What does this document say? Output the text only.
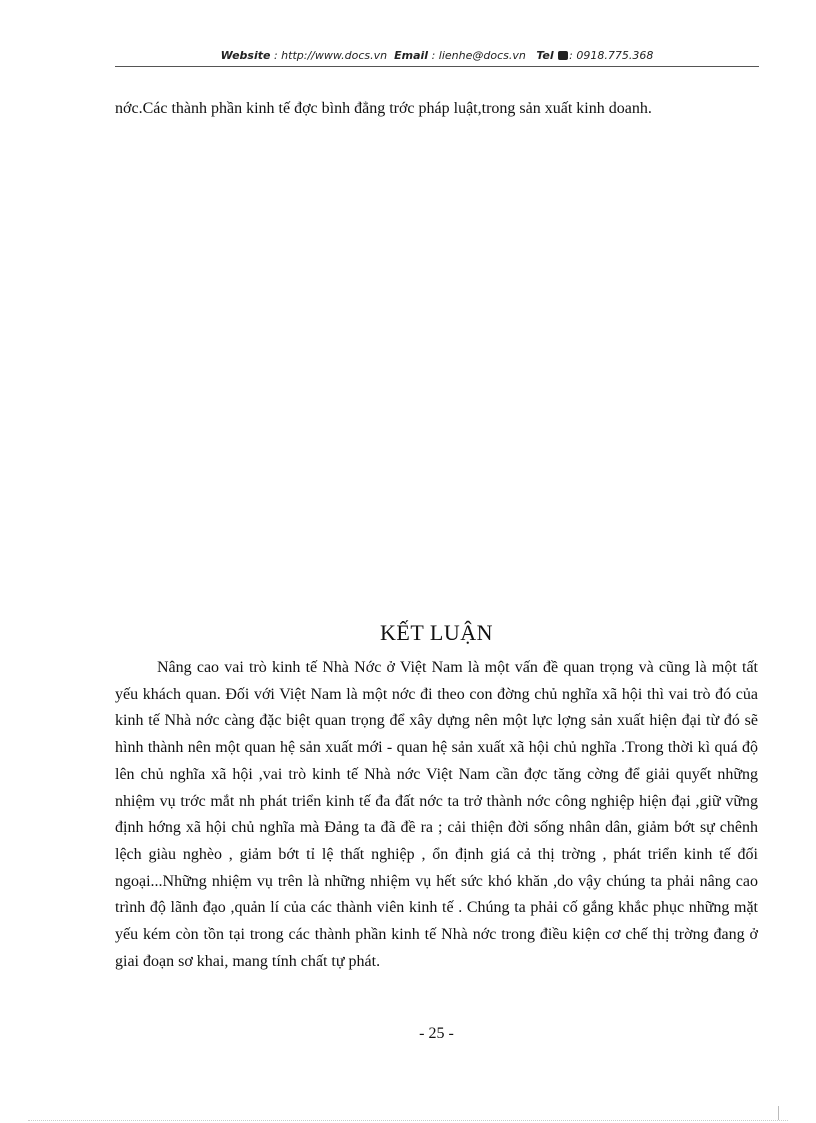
Website : http://www.docs.vn Email : lienhe@docs.vn Tel : 0918.775.368
nớc.Các thành phần kinh tế đợc bình đẳng trớc pháp luật,trong sản xuất kinh doanh.
KẾT LUẬN
Nâng cao vai trò kinh tế Nhà Nớc ở Việt Nam là một vấn đề quan trọng và cũng là một tất yếu khách quan. Đối với Việt Nam là một nớc đi theo con đờng chủ nghĩa xã hội thì vai trò đó của kinh tế Nhà nớc càng đặc biệt quan trọng để xây dựng nên một lực lợng sản xuất hiện đại từ đó sẽ hình thành nên một quan hệ sản xuất mới - quan hệ sản xuất xã hội chủ nghĩa .Trong thời kì quá độ lên chủ nghĩa xã hội ,vai trò kinh tế Nhà nớc Việt Nam cần đợc tăng cờng để giải quyết những nhiệm vụ trớc mắt nh phát triển kinh tế đa đất nớc ta trở thành nớc công nghiệp hiện đại ,giữ vững định hớng xã hội chủ nghĩa mà Đảng ta đã đề ra ; cải thiện đời sống nhân dân, giảm bớt sự chênh lệch giàu nghèo , giảm bớt tỉ lệ thất nghiệp , ổn định giá cả thị trờng , phát triển kinh tế đối ngoại...Những nhiệm vụ trên là những nhiệm vụ hết sức khó khăn ,do vậy chúng ta phải nâng cao trình độ lãnh đạo ,quản lí của các thành viên kinh tế . Chúng ta phải cố gắng khắc phục những mặt yếu kém còn tồn tại trong các thành phần kinh tế Nhà nớc trong điều kiện cơ chế thị trờng đang ở giai đoạn sơ khai, mang tính chất tự phát.
- 25 -
